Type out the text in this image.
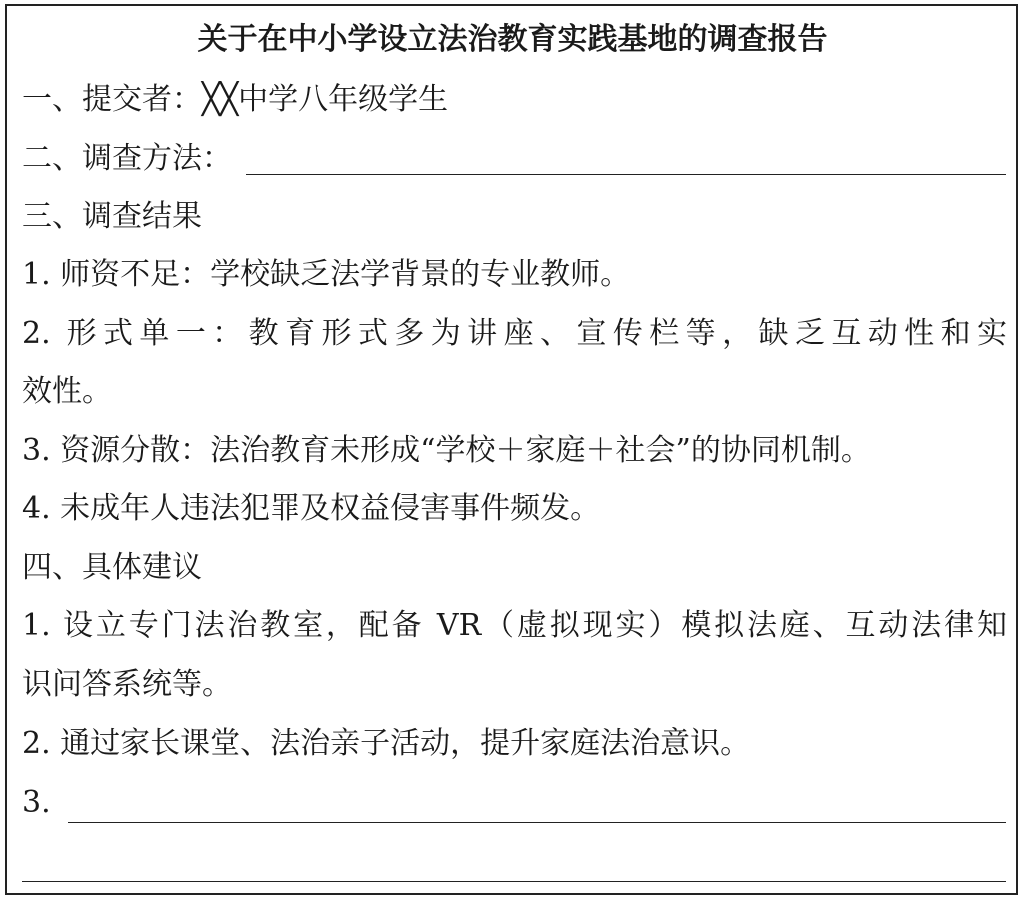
关于在中小学设立法治教育实践基地的调查报告
一、提交者：╳╳中学八年级学生
二、调查方法：
三、调查结果
1. 师资不足：学校缺乏法学背景的专业教师。
2. 形式单一：教育形式多为讲座、宣传栏等，缺乏互动性和实
效性。
3. 资源分散：法治教育未形成“学校＋家庭＋社会”的协同机制。
4. 未成年人违法犯罪及权益侵害事件频发。
四、具体建议
1. 设立专门法治教室，配备 VR（虚拟现实）模拟法庭、互动法律知
识问答系统等。
2. 通过家长课堂、法治亲子活动，提升家庭法治意识。
3.
